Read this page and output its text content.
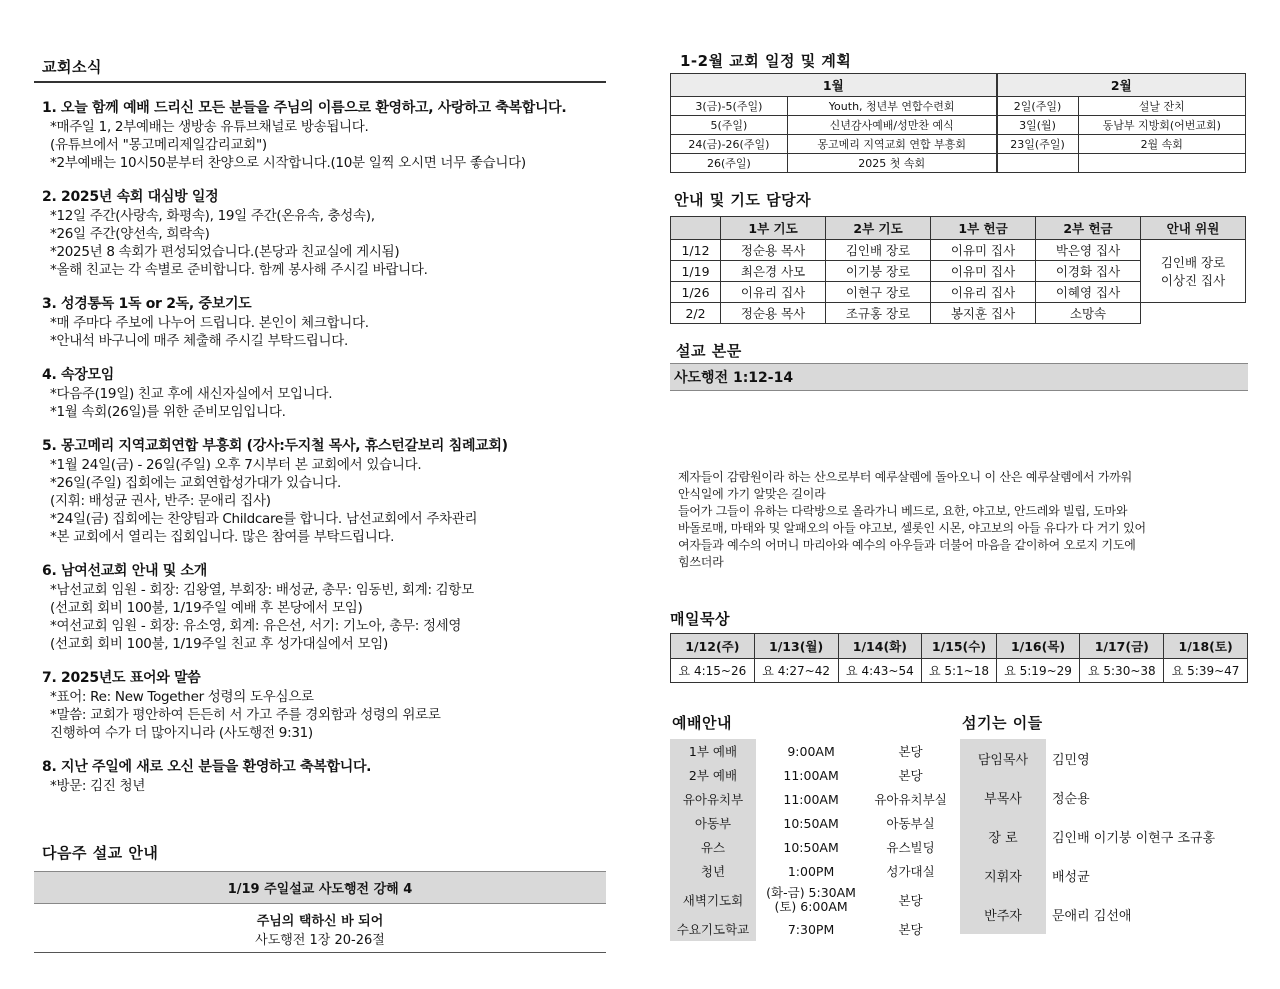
교회소식
1. 오늘 함께 예배 드리신 모든 분들을 주님의 이름으로 환영하고, 사랑하고 축복합니다.
*매주일 1, 2부예배는 생방송 유튜브채널로 방송됩니다.
(유튜브에서 "몽고메리제일감리교회")
*2부예배는 10시50분부터 찬양으로 시작합니다.(10분 일찍 오시면 너무 좋습니다)
2. 2025년 속회 대심방 일정
*12일 주간(사랑속, 화평속), 19일 주간(온유속, 충성속),
*26일 주간(양선속, 희락속)
*2025년 8 속회가 편성되었습니다.(본당과 친교실에 게시됨)
*올해 친교는 각 속별로 준비합니다. 함께 봉사해 주시길 바랍니다.
3. 성경통독 1독 or 2독, 중보기도
*매 주마다 주보에 나누어 드립니다. 본인이 체크합니다.
*안내석 바구니에 매주 체출해 주시길 부탁드립니다.
4. 속장모임
*다음주(19일) 친교 후에 새신자실에서 모입니다.
*1월 속회(26일)를 위한 준비모임입니다.
5. 몽고메리 지역교회연합 부흥회 (강사:두지철 목사, 휴스턴갈보리 침례교회)
*1월 24일(금) - 26일(주일) 오후 7시부터 본 교회에서 있습니다.
*26일(주일) 집회에는 교회연합성가대가 있습니다.
(지휘: 배성균 권사, 반주: 문애리 집사)
*24일(금) 집회에는 찬양팀과 Childcare를 합니다. 남선교회에서 주차관리
*본 교회에서 열리는 집회입니다. 많은 참여를 부탁드립니다.
6. 남여선교회 안내 및 소개
*남선교회 임원 - 회장: 김왕열, 부회장: 배성균, 총무: 임동빈, 회계: 김항모
(선교회 회비 100불, 1/19주일 예배 후 본당에서 모임)
*여선교회 임원 - 회장: 유소영, 회계: 유은선, 서기: 기노아, 총무: 정세영
(선교회 회비 100불, 1/19주일 친교 후 성가대실에서 모임)
7. 2025년도 표어와 말씀
*표어: Re: New Together 성령의 도우심으로
*말씀: 교회가 평안하여 든든히 서 가고 주를 경외함과 성령의 위로로
진행하여 수가 더 많아지니라 (사도행전 9:31)
8. 지난 주일에 새로 오신 분들을 환영하고 축복합니다.
*방문: 김진 청년
다음주 설교 안내
1/19 주일설교 사도행전 강해 4
주님의 택하신 바 되어
사도행전 1장 20-26절
1-2월 교회 일정 및 계획
1월		2월	
3(금)-5(주일)	Youth, 청년부 연합수련회	2일(주일)	설날 잔치
5(주일)	신년감사예배/성만찬 예식	3일(월)	동남부 지방회(어번교회)
24(금)-26(주일)	몽고메리 지역교회 연합 부흥회	23일(주일)	2월 속회
26(주일)	2025 첫 속회		
안내 및 기도 담당자
	1부 기도	2부 기도	1부 헌금	2부 헌금	안내 위원
1/12	정순용 목사	김인배 장로	이유미 집사	박은영 집사	김인배 장로
이상진 집사

1/19	최은경 사모	이기붕 장로	이유미 집사	이경화 집사	
1/26	이유리 집사	이현구 장로	이유리 집사	이혜영 집사	
2/2	정순용 목사	조규홍 장로	봉지훈 집사	소망속	
설교 본문
사도행전 1:12-14
제자들이 감람원이라 하는 산으로부터 예루살렘에 돌아오니 이 산은 예루살렘에서 가까워
안식일에 가기 알맞은 길이라
들어가 그들이 유하는 다락방으로 올라가니 베드로, 요한, 야고보, 안드레와 빌립, 도마와
바돌로매, 마태와 및 알패오의 아들 야고보, 셀롯인 시몬, 야고보의 아들 유다가 다 거기 있어
여자들과 예수의 어머니 마리아와 예수의 아우들과 더불어 마음을 같이하여 오로지 기도에
힘쓰더라
매일묵상
1/12(주)	1/13(월)	1/14(화)	1/15(수)	1/16(목)	1/17(금)	1/18(토)
요 4:15~26	요 4:27~42	요 4:43~54	요 5:1~18	요 5:19~29	요 5:30~38	요 5:39~47
예배안내
1부 예배	9:00AM	본당
2부 예배	11:00AM	본당
유아유치부	11:00AM	유아유치부실
아동부	10:50AM	아동부실
유스	10:50AM	유스빌딩
청년	1:00PM	성가대실
새벽기도회	(화-금) 5:30AM
(토) 6:00AM	본당
수요기도학교	7:30PM	본당
섬기는 이들
담임목사	김민영
부목사	정순용
장 로	김인배 이기붕 이현구 조규홍
지휘자	배성균
반주자	문애리 김선애
